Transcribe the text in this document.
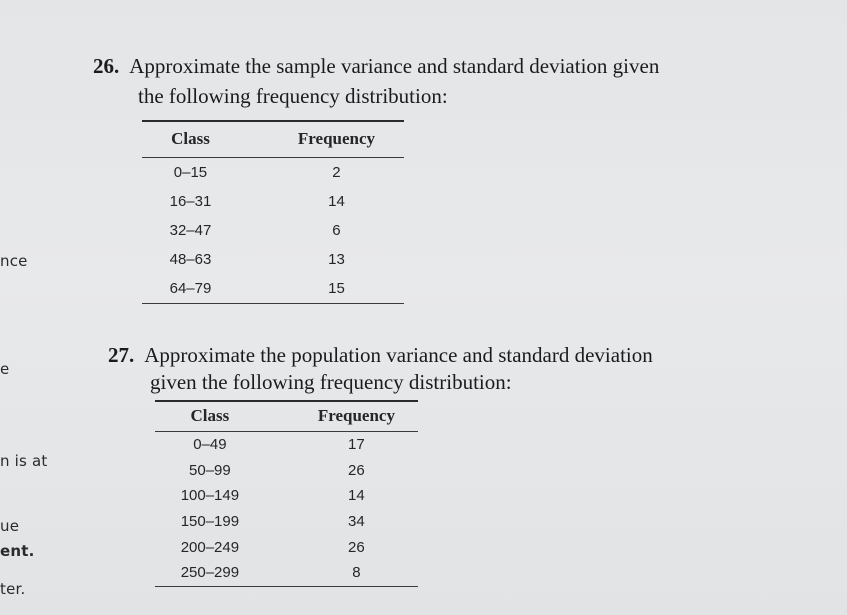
nce
e
n is at
ue
ent.
ter.
26. Approximate the sample variance and standard deviation given
the following frequency distribution:
Class	Frequency
0–15	2
16–31	14
32–47	6
48–63	13
64–79	15
27. Approximate the population variance and standard deviation
given the following frequency distribution:
Class	Frequency
0–49	17
50–99	26
100–149	14
150–199	34
200–249	26
250–299	8
